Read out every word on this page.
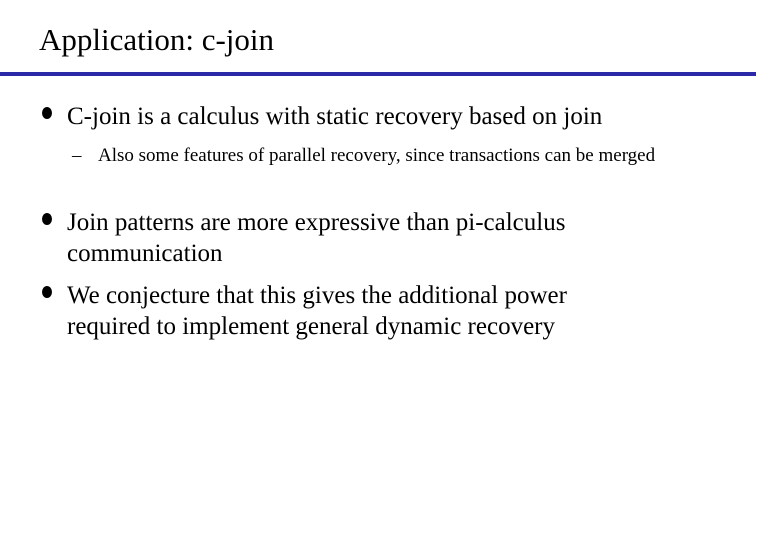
Application: c-join
C-join is a calculus with static recovery based on join
– Also some features of parallel recovery, since transactions can be merged
Join patterns are more expressive than pi-calculus communication
We conjecture that this gives the additional power required to implement general dynamic recovery
